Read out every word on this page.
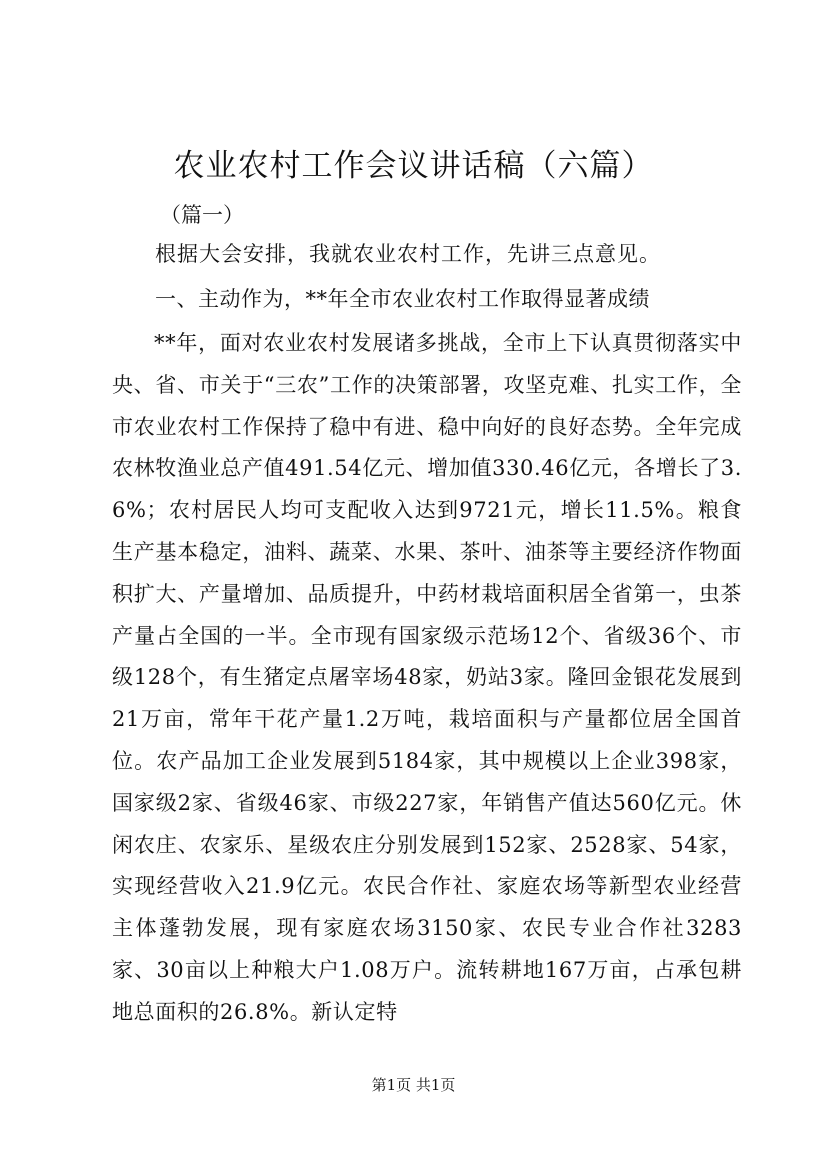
农业农村工作会议讲话稿（六篇）
（篇一）
根据大会安排，我就农业农村工作，先讲三点意见。
一、主动作为，**年全市农业农村工作取得显著成绩

**年，面对农业农村发展诸多挑战，全市上下认真贯彻落实中央、省、市关于“三农”工作的决策部署，攻坚克难、扎实工作，全市农业农村工作保持了稳中有进、稳中向好的良好态势。全年完成农林牧渔业总产值491.54亿元、增加值330.46亿元，各增长了3.6%；农村居民人均可支配收入达到9721元，增长11.5%。粮食生产基本稳定，油料、蔬菜、水果、茶叶、油茶等主要经济作物面积扩大、产量增加、品质提升，中药材栽培面积居全省第一，虫茶产量占全国的一半。全市现有国家级示范场12个、省级36个、市级128个，有生猪定点屠宰场48家，奶站3家。隆回金银花发展到21万亩，常年干花产量1.2万吨，栽培面积与产量都位居全国首位。农产品加工企业发展到5184家，其中规模以上企业398家，国家级2家、省级46家、市级227家，年销售产值达560亿元。休闲农庄、农家乐、星级农庄分别发展到152家、2528家、54家，实现经营收入21.9亿元。农民合作社、家庭农场等新型农业经营主体蓬勃发展，现有家庭农场3150家、农民专业合作社3283家、30亩以上种粮大户1.08万户。流转耕地167万亩，占承包耕地总面积的26.8%。新认定特

第1页 共1页
